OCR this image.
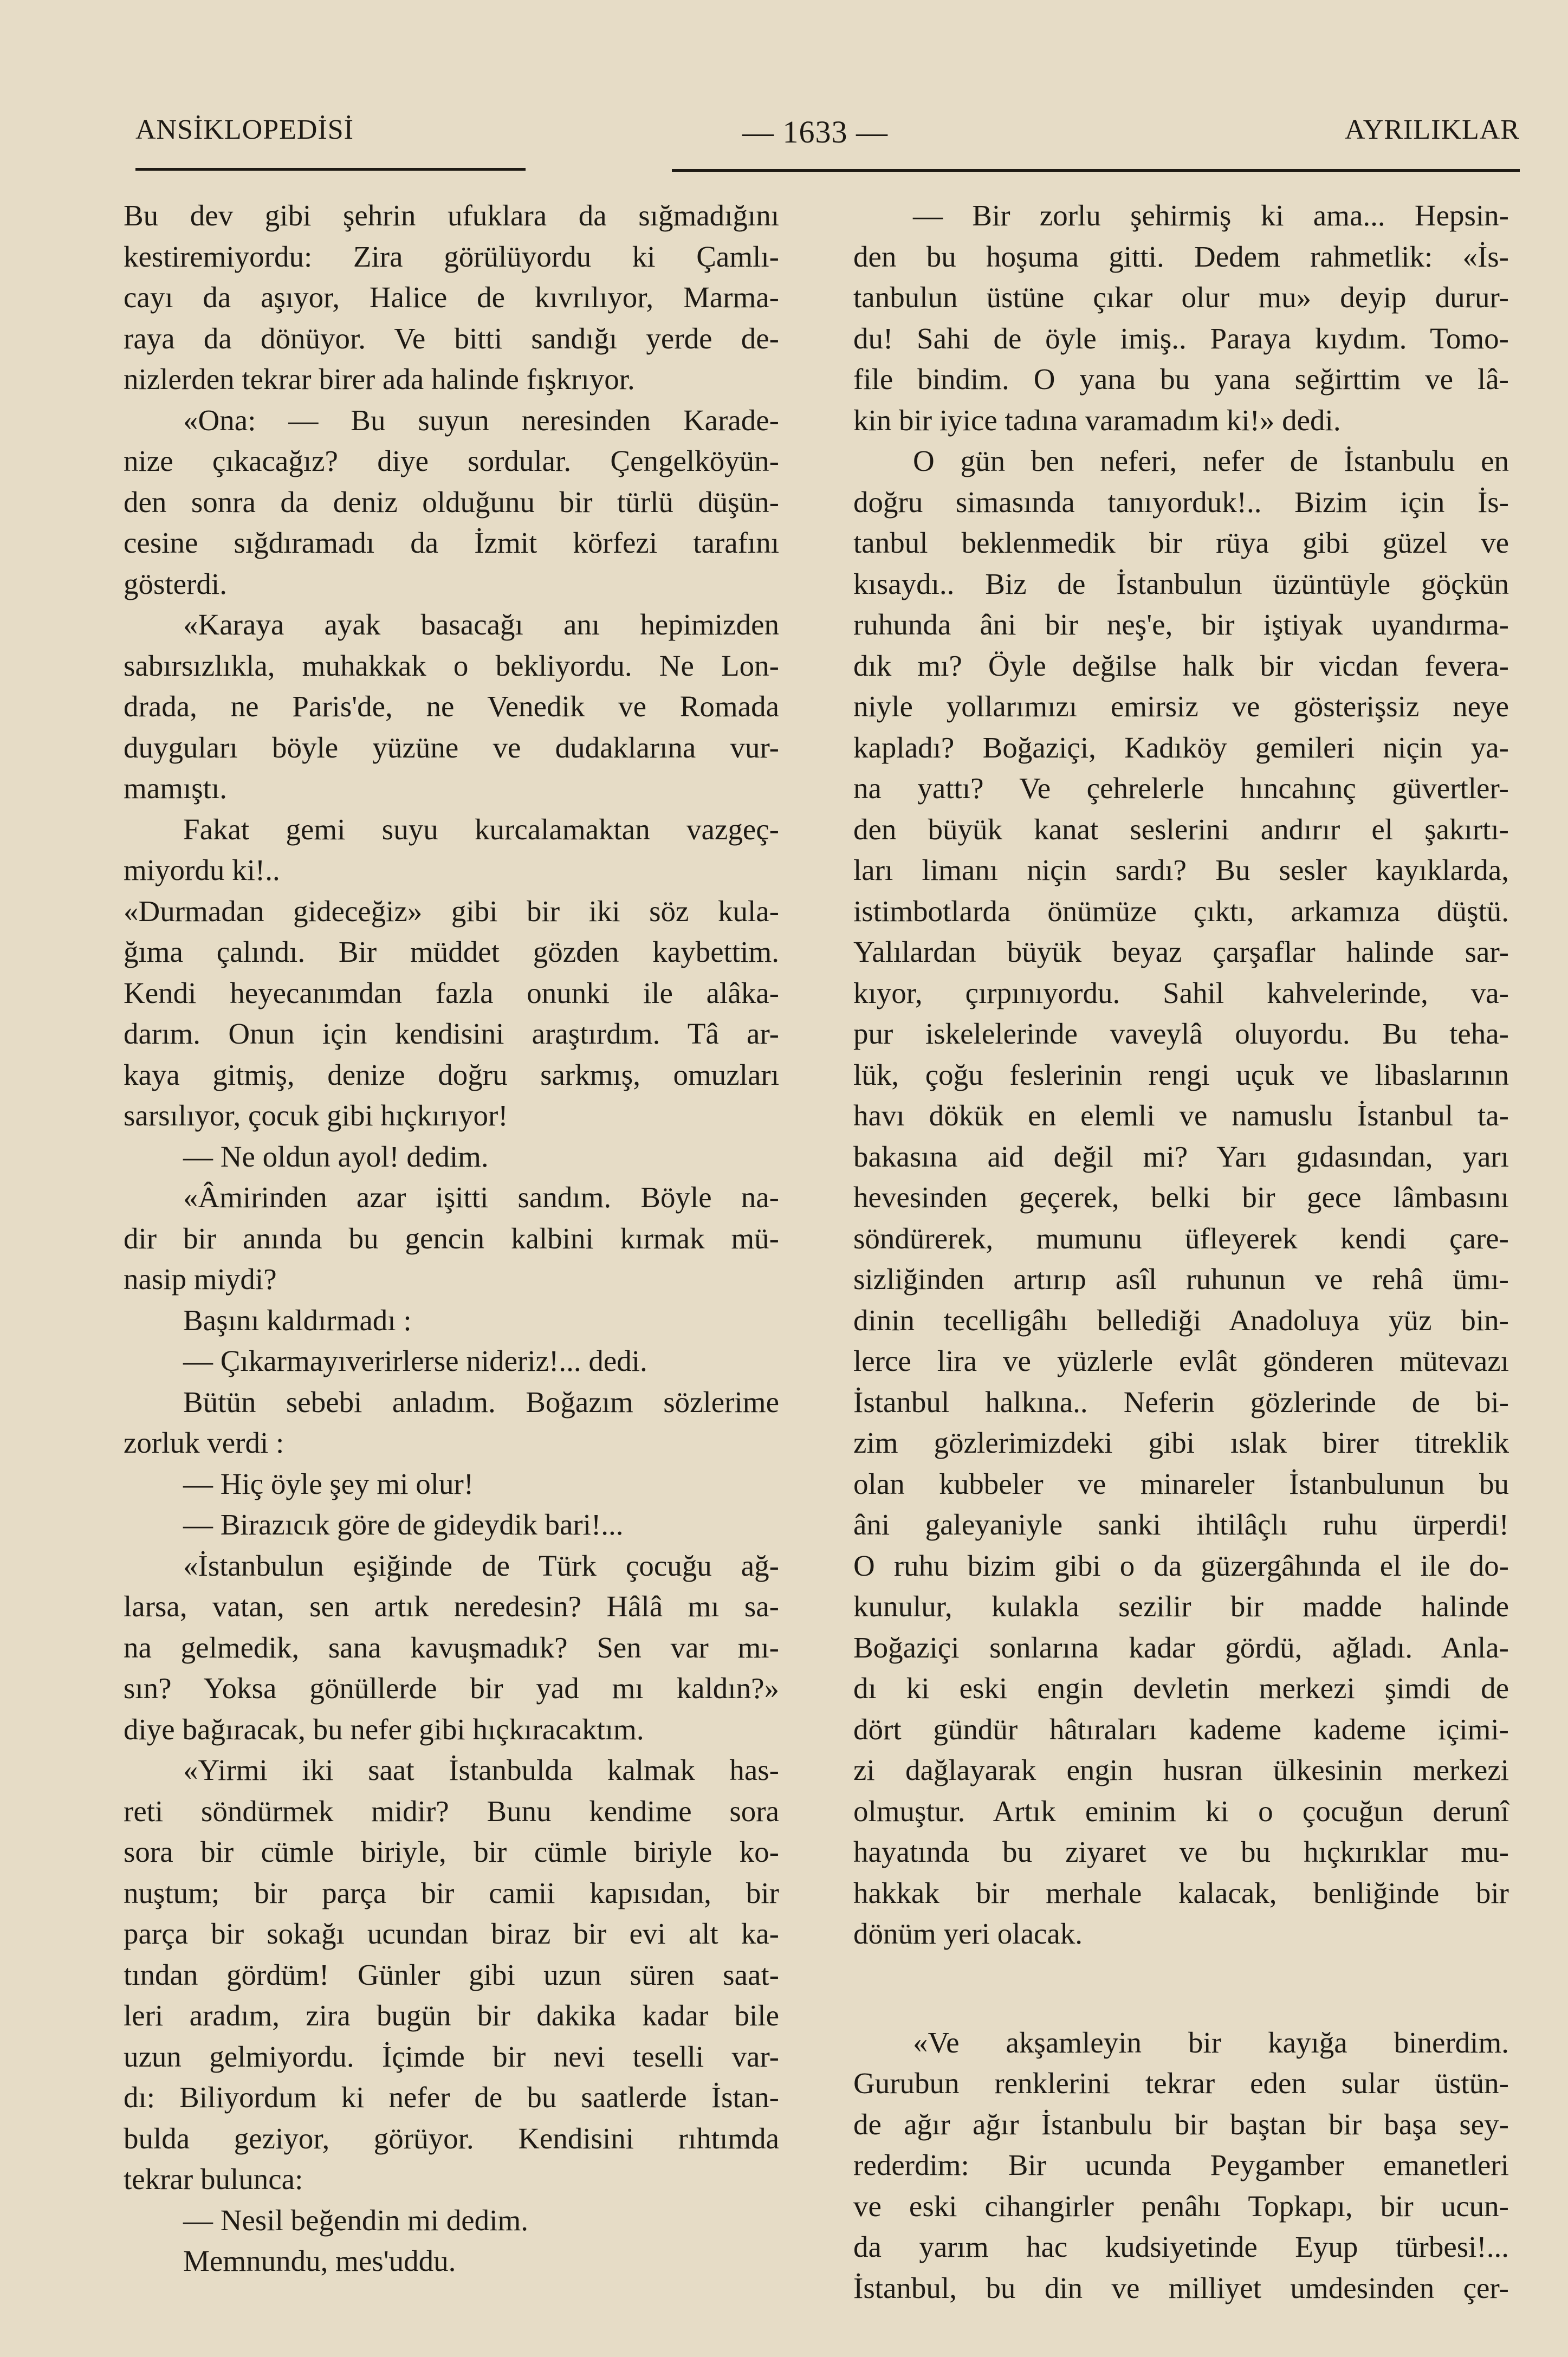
ANSİKLOPEDİSİ	— 1633 —	AYRILIKLAR

Bu dev gibi şehrin ufuklara da sığmadığını

kestiremiyordu: Zira görülüyordu ki Çamlı-

cayı da aşıyor, Halice de kıvrılıyor, Marma-

raya da dönüyor. Ve bitti sandığı yerde de-

nizlerden tekrar birer ada halinde fışkrıyor.

«Ona: — Bu suyun neresinden Karade-

nize çıkacağız? diye sordular. Çengelköyün-

den sonra da deniz olduğunu bir türlü düşün-

cesine sığdıramadı da İzmit körfezi tarafını

gösterdi.

«Karaya ayak basacağı anı hepimizden

sabırsızlıkla, muhakkak o bekliyordu. Ne Lon-

drada, ne Paris'de, ne Venedik ve Romada

duyguları böyle yüzüne ve dudaklarına vur-

mamıştı.

Fakat gemi suyu kurcalamaktan vazgeç-

miyordu ki!..

«Durmadan gideceğiz» gibi bir iki söz kula-

ğıma çalındı. Bir müddet gözden kaybettim.

Kendi heyecanımdan fazla onunki ile alâka-

darım. Onun için kendisini araştırdım. Tâ ar-

kaya gitmiş, denize doğru sarkmış, omuzları

sarsılıyor, çocuk gibi hıçkırıyor!

— Ne oldun ayol! dedim.

«Âmirinden azar işitti sandım. Böyle na-

dir bir anında bu gencin kalbini kırmak mü-

nasip miydi?

Başını kaldırmadı :

— Çıkarmayıverirlerse nideriz!... dedi.

Bütün sebebi anladım. Boğazım sözlerime

zorluk verdi :

— Hiç öyle şey mi olur!

— Birazıcık göre de gideydik bari!...

«İstanbulun eşiğinde de Türk çocuğu ağ-

larsa, vatan, sen artık neredesin? Hâlâ mı sa-

na gelmedik, sana kavuşmadık? Sen var mı-

sın? Yoksa gönüllerde bir yad mı kaldın?»

diye bağıracak, bu nefer gibi hıçkıracaktım.

«Yirmi iki saat İstanbulda kalmak has-

reti söndürmek midir? Bunu kendime sora

sora bir cümle biriyle, bir cümle biriyle ko-

nuştum; bir parça bir camii kapısıdan, bir

parça bir sokağı ucundan biraz bir evi alt ka-

tından gördüm! Günler gibi uzun süren saat-

leri aradım, zira bugün bir dakika kadar bile

uzun gelmiyordu. İçimde bir nevi teselli var-

dı: Biliyordum ki nefer de bu saatlerde İstan-

bulda geziyor, görüyor. Kendisini rıhtımda

tekrar bulunca:

— Nesil beğendin mi dedim.

Memnundu, mes'uddu.

— Bir zorlu şehirmiş ki ama... Hepsin-

den bu hoşuma gitti. Dedem rahmetlik: «İs-

tanbulun üstüne çıkar olur mu» deyip durur-

du! Sahi de öyle imiş.. Paraya kıydım. Tomo-

file bindim. O yana bu yana seğirttim ve lâ-

kin bir iyice tadına varamadım ki!» dedi.

O gün ben neferi, nefer de İstanbulu en

doğru simasında tanıyorduk!.. Bizim için İs-

tanbul beklenmedik bir rüya gibi güzel ve

kısaydı.. Biz de İstanbulun üzüntüyle göçkün

ruhunda âni bir neş'e, bir iştiyak uyandırma-

dık mı? Öyle değilse halk bir vicdan fevera-

niyle yollarımızı emirsiz ve gösterişsiz neye

kapladı? Boğaziçi, Kadıköy gemileri niçin ya-

na yattı? Ve çehrelerle hıncahınç güvertler-

den büyük kanat seslerini andırır el şakırtı-

ları limanı niçin sardı? Bu sesler kayıklarda,

istimbotlarda önümüze çıktı, arkamıza düştü.

Yalılardan büyük beyaz çarşaflar halinde sar-

kıyor, çırpınıyordu. Sahil kahvelerinde, va-

pur iskelelerinde vaveylâ oluyordu. Bu teha-

lük, çoğu feslerinin rengi uçuk ve libaslarının

havı dökük en elemli ve namuslu İstanbul ta-

bakasına aid değil mi? Yarı gıdasından, yarı

hevesinden geçerek, belki bir gece lâmbasını

söndürerek, mumunu üfleyerek kendi çare-

sizliğinden artırıp asîl ruhunun ve rehâ ümı-

dinin tecelligâhı bellediği Anadoluya yüz bin-

lerce lira ve yüzlerle evlât gönderen mütevazı

İstanbul halkına.. Neferin gözlerinde de bi-

zim gözlerimizdeki gibi ıslak birer titreklik

olan kubbeler ve minareler İstanbulunun bu

âni galeyaniyle sanki ihtilâçlı ruhu ürperdi!

O ruhu bizim gibi o da güzergâhında el ile do-

kunulur, kulakla sezilir bir madde halinde

Boğaziçi sonlarına kadar gördü, ağladı. Anla-

dı ki eski engin devletin merkezi şimdi de

dört gündür hâtıraları kademe kademe içimi-

zi dağlayarak engin husran ülkesinin merkezi

olmuştur. Artık eminim ki o çocuğun derunî

hayatında bu ziyaret ve bu hıçkırıklar mu-

hakkak bir merhale kalacak, benliğinde bir

dönüm yeri olacak.

«Ve akşamleyin bir kayığa binerdim.

Gurubun renklerini tekrar eden sular üstün-

de ağır ağır İstanbulu bir baştan bir başa sey-

rederdim: Bir ucunda Peygamber emanetleri

ve eski cihangirler penâhı Topkapı, bir ucun-

da yarım hac kudsiyetinde Eyup türbesi!...

İstanbul, bu din ve milliyet umdesinden çer-
